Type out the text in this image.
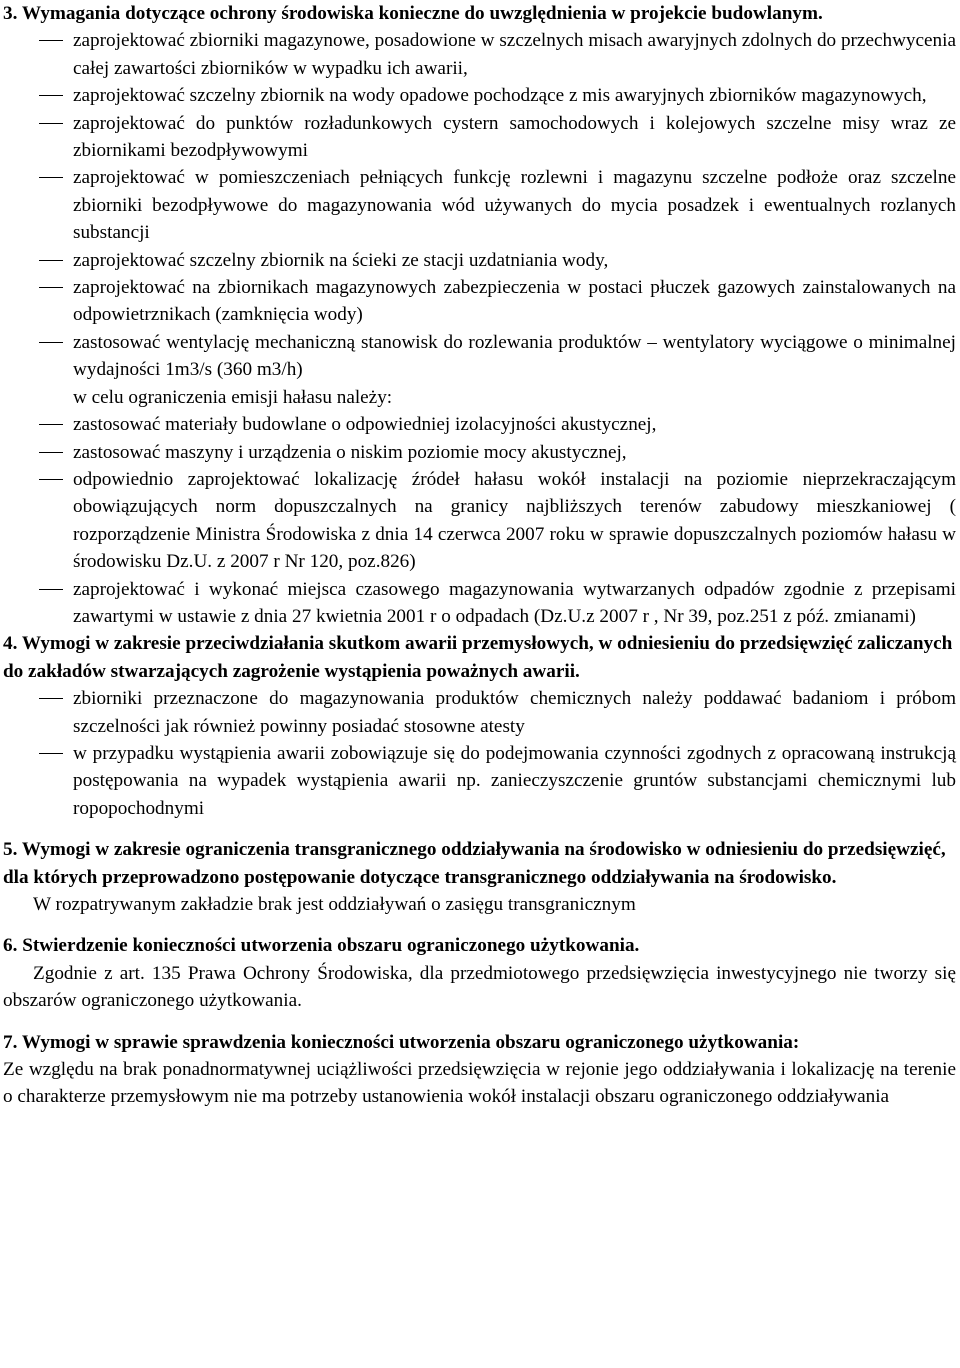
3. Wymagania dotyczące ochrony środowiska konieczne do uwzględnienia w projekcie budowlanym.
zaprojektować zbiorniki magazynowe, posadowione w szczelnych misach awaryjnych zdolnych do przechwycenia całej zawartości zbiorników w wypadku ich awarii,
zaprojektować szczelny zbiornik na wody opadowe pochodzące z mis awaryjnych zbiorników magazynowych,
zaprojektować do punktów rozładunkowych cystern samochodowych i kolejowych szczelne misy wraz ze zbiornikami bezodpływowymi
zaprojektować w pomieszczeniach pełniących funkcję rozlewni i magazynu szczelne podłoże oraz szczelne zbiorniki bezodpływowe do magazynowania wód używanych do mycia posadzek i ewentualnych rozlanych substancji
zaprojektować szczelny zbiornik na ścieki ze stacji uzdatniania wody,
zaprojektować na zbiornikach magazynowych zabezpieczenia w postaci płuczek gazowych zainstalowanych na odpowietrznikach (zamknięcia wody)
zastosować wentylację mechaniczną stanowisk do rozlewania produktów – wentylatory wyciągowe o minimalnej wydajności 1m3/s (360 m3/h)

w celu ograniczenia emisji hałasu należy:

zastosować materiały budowlane o odpowiedniej izolacyjności akustycznej,
zastosować maszyny i urządzenia o niskim poziomie mocy akustycznej,
odpowiednio zaprojektować lokalizację źródeł hałasu wokół instalacji na poziomie nieprzekraczającym obowiązujących norm dopuszczalnych na granicy najbliższych terenów zabudowy mieszkaniowej ( rozporządzenie Ministra Środowiska z dnia 14 czerwca 2007 roku w sprawie dopuszczalnych poziomów hałasu w środowisku Dz.U. z 2007 r Nr 120, poz.826)
zaprojektować i wykonać miejsca czasowego magazynowania wytwarzanych odpadów zgodnie z przepisami zawartymi w ustawie z dnia 27 kwietnia 2001 r o odpadach (Dz.U.z 2007 r , Nr 39, poz.251 z póź. zmianami)
4. Wymogi w zakresie przeciwdziałania skutkom awarii przemysłowych, w odniesieniu do przedsięwzięć zaliczanych do zakładów stwarzających zagrożenie wystąpienia poważnych awarii.
zbiorniki przeznaczone do magazynowania produktów chemicznych należy poddawać badaniom i próbom szczelności jak również powinny posiadać stosowne atesty
w przypadku wystąpienia awarii zobowiązuje się do podejmowania czynności zgodnych z opracowaną instrukcją postępowania na wypadek wystąpienia awarii np. zanieczyszczenie gruntów substancjami chemicznymi lub ropopochodnymi
5. Wymogi w zakresie ograniczenia transgranicznego oddziaływania na środowisko w odniesieniu do przedsięwzięć, dla których przeprowadzono postępowanie dotyczące transgranicznego oddziaływania na środowisko.

W rozpatrywanym zakładzie brak jest oddziaływań o zasięgu transgranicznym

6. Stwierdzenie konieczności utworzenia obszaru ograniczonego użytkowania.

Zgodnie z art. 135 Prawa Ochrony Środowiska, dla przedmiotowego przedsięwzięcia inwestycyjnego nie tworzy się obszarów ograniczonego użytkowania.

7. Wymogi w sprawie sprawdzenia konieczności utworzenia obszaru ograniczonego użytkowania:

Ze względu na brak ponadnormatywnej uciążliwości przedsięwzięcia w rejonie jego oddziaływania i lokalizację na terenie o charakterze przemysłowym nie ma potrzeby ustanowienia wokół instalacji obszaru ograniczonego oddziaływania
